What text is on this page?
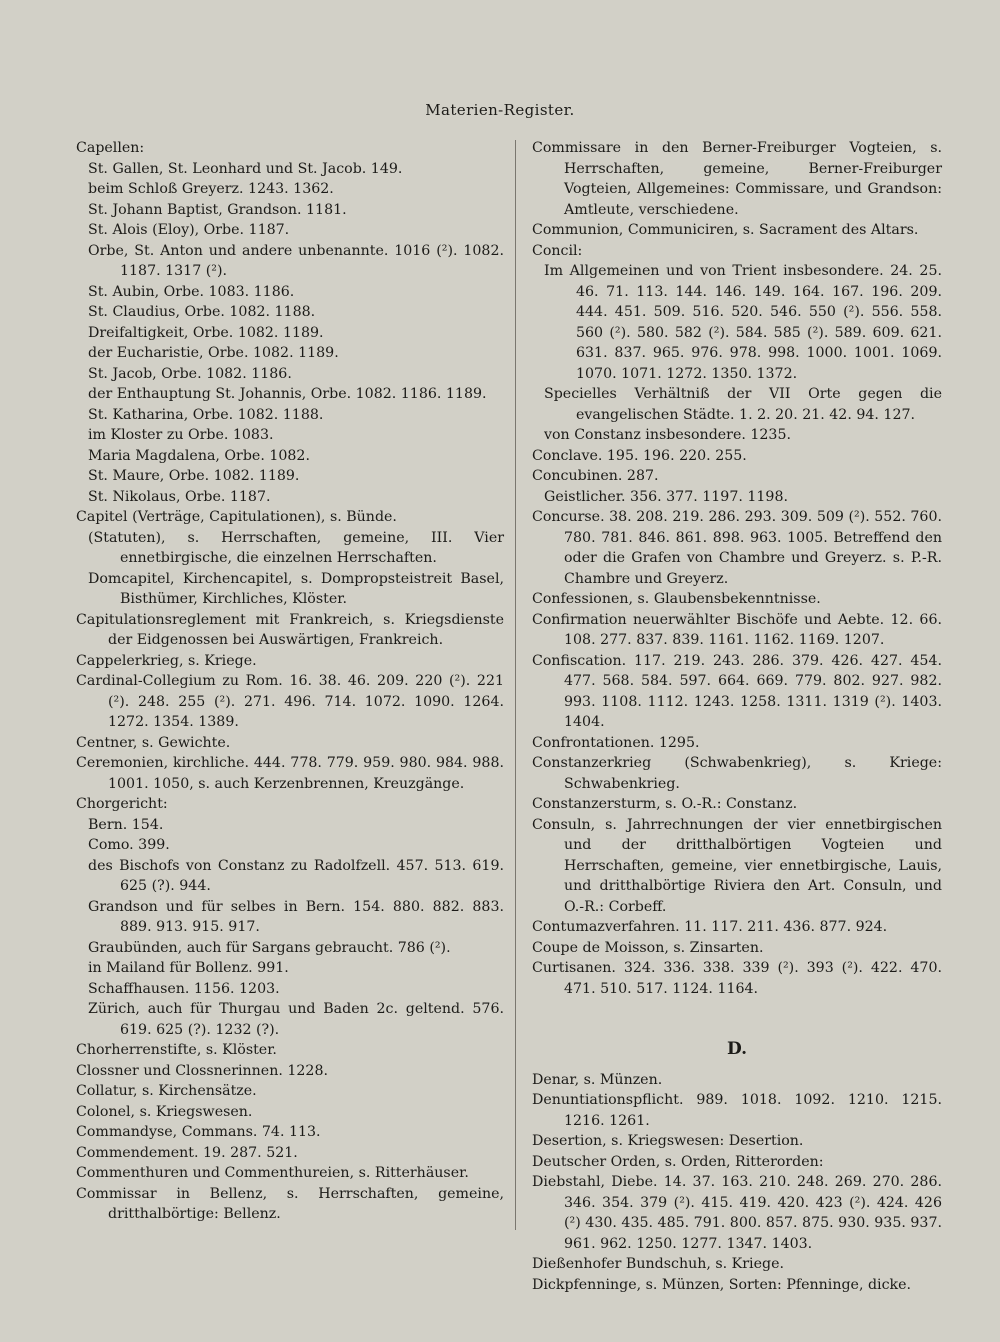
Materien-Register.

Capellen:

St. Gallen, St. Leonhard und St. Jacob. 149.

beim Schloß Greyerz. 1243. 1362.

St. Johann Baptist, Grandson. 1181.

St. Alois (Eloy), Orbe. 1187.

Orbe, St. Anton und andere unbenannte. 1016 (²). 1082. 1187. 1317 (²).

St. Aubin, Orbe. 1083. 1186.

St. Claudius, Orbe. 1082. 1188.

Dreifaltigkeit, Orbe. 1082. 1189.

der Eucharistie, Orbe. 1082. 1189.

St. Jacob, Orbe. 1082. 1186.

der Enthauptung St. Johannis, Orbe. 1082. 1186. 1189.

St. Katharina, Orbe. 1082. 1188.

im Kloster zu Orbe. 1083.

Maria Magdalena, Orbe. 1082.

St. Maure, Orbe. 1082. 1189.

St. Nikolaus, Orbe. 1187.

Capitel (Verträge, Capitulationen), s. Bünde.

(Statuten), s. Herrschaften, gemeine, III. Vier ennetbirgische, die einzelnen Herrschaften.

Domcapitel, Kirchencapitel, s. Dompropsteistreit Basel, Bisthümer, Kirchliches, Klöster.

Capitulationsreglement mit Frankreich, s. Kriegsdienste der Eidgenossen bei Auswärtigen, Frankreich.

Cappelerkrieg, s. Kriege.

Cardinal-Collegium zu Rom. 16. 38. 46. 209. 220 (²). 221 (²). 248. 255 (²). 271. 496. 714. 1072. 1090. 1264. 1272. 1354. 1389.

Centner, s. Gewichte.

Ceremonien, kirchliche. 444. 778. 779. 959. 980. 984. 988. 1001. 1050, s. auch Kerzenbrennen, Kreuzgänge.

Chorgericht:

Bern. 154.

Como. 399.

des Bischofs von Constanz zu Radolfzell. 457. 513. 619. 625 (?). 944.

Grandson und für selbes in Bern. 154. 880. 882. 883. 889. 913. 915. 917.

Graubünden, auch für Sargans gebraucht. 786 (²).

in Mailand für Bollenz. 991.

Schaffhausen. 1156. 1203.

Zürich, auch für Thurgau und Baden 2c. geltend. 576. 619. 625 (?). 1232 (?).

Chorherrenstifte, s. Klöster.

Clossner und Clossnerinnen. 1228.

Collatur, s. Kirchensätze.

Colonel, s. Kriegswesen.

Commandyse, Commans. 74. 113.

Commendement. 19. 287. 521.

Commenthuren und Commenthureien, s. Ritterhäuser.

Commissar in Bellenz, s. Herrschaften, gemeine, dritthalbörtige: Bellenz.

Commissare in den Berner-Freiburger Vogteien, s. Herrschaften, gemeine, Berner-Freiburger Vogteien, Allgemeines: Commissare, und Grandson: Amtleute, verschiedene.

Communion, Communiciren, s. Sacrament des Altars.

Concil:

Im Allgemeinen und von Trient insbesondere. 24. 25. 46. 71. 113. 144. 146. 149. 164. 167. 196. 209. 444. 451. 509. 516. 520. 546. 550 (²). 556. 558. 560 (²). 580. 582 (²). 584. 585 (²). 589. 609. 621. 631. 837. 965. 976. 978. 998. 1000. 1001. 1069. 1070. 1071. 1272. 1350. 1372.

Specielles Verhältniß der VII Orte gegen die evangelischen Städte. 1. 2. 20. 21. 42. 94. 127.

von Constanz insbesondere. 1235.

Conclave. 195. 196. 220. 255.

Concubinen. 287.

Geistlicher. 356. 377. 1197. 1198.

Concurse. 38. 208. 219. 286. 293. 309. 509 (²). 552. 760. 780. 781. 846. 861. 898. 963. 1005. Betreffend den oder die Grafen von Chambre und Greyerz. s. P.-R. Chambre und Greyerz.

Confessionen, s. Glaubensbekenntnisse.

Confirmation neuerwählter Bischöfe und Aebte. 12. 66. 108. 277. 837. 839. 1161. 1162. 1169. 1207.

Confiscation. 117. 219. 243. 286. 379. 426. 427. 454. 477. 568. 584. 597. 664. 669. 779. 802. 927. 982. 993. 1108. 1112. 1243. 1258. 1311. 1319 (²). 1403. 1404.

Confrontationen. 1295.

Constanzerkrieg (Schwabenkrieg), s. Kriege: Schwabenkrieg.

Constanzersturm, s. O.-R.: Constanz.

Consuln, s. Jahrrechnungen der vier ennetbirgischen und der dritthalbörtigen Vogteien und Herrschaften, gemeine, vier ennetbirgische, Lauis, und dritthalbörtige Riviera den Art. Consuln, und O.-R.: Corbeff.

Contumazverfahren. 11. 117. 211. 436. 877. 924.

Coupe de Moisson, s. Zinsarten.

Curtisanen. 324. 336. 338. 339 (²). 393 (²). 422. 470. 471. 510. 517. 1124. 1164.

D.

Denar, s. Münzen.

Denuntiationspflicht. 989. 1018. 1092. 1210. 1215. 1216. 1261.

Desertion, s. Kriegswesen: Desertion.

Deutscher Orden, s. Orden, Ritterorden:

Diebstahl, Diebe. 14. 37. 163. 210. 248. 269. 270. 286. 346. 354. 379 (²). 415. 419. 420. 423 (²). 424. 426 (²) 430. 435. 485. 791. 800. 857. 875. 930. 935. 937. 961. 962. 1250. 1277. 1347. 1403.

Dießenhofer Bundschuh, s. Kriege.

Dickpfenninge, s. Münzen, Sorten: Pfenninge, dicke.
